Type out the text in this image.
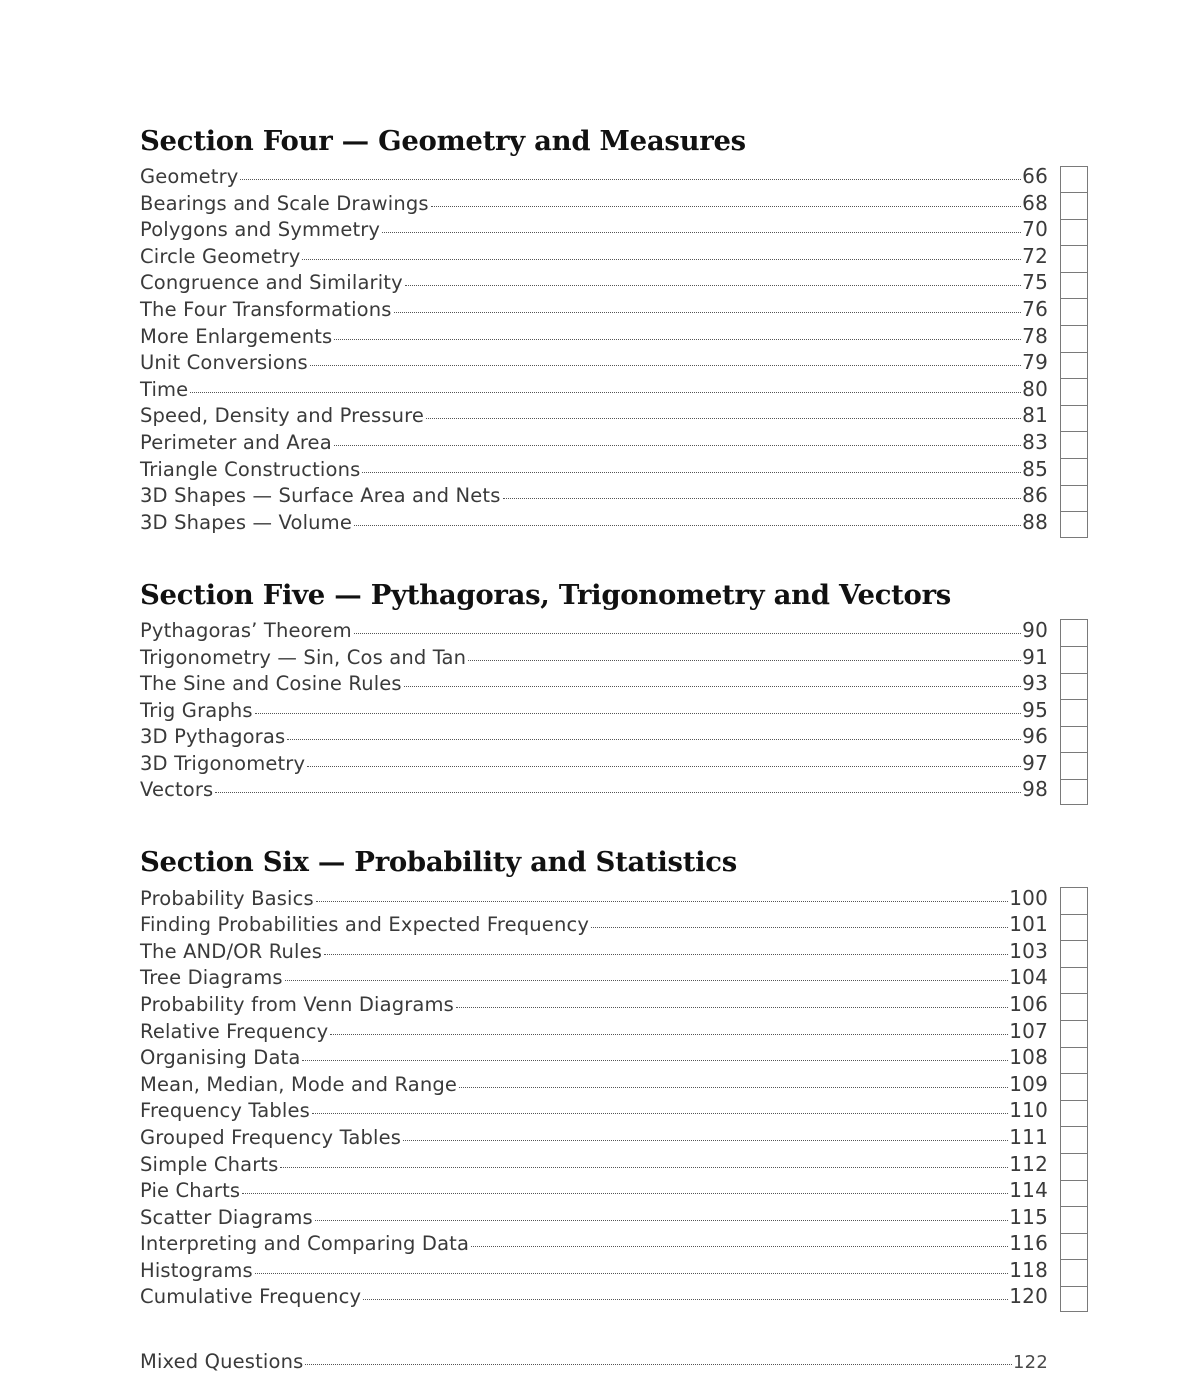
Section Four — Geometry and Measures
Geometry	66
Bearings and Scale Drawings	68
Polygons and Symmetry	70
Circle Geometry	72
Congruence and Similarity	75
The Four Transformations	76
More Enlargements	78
Unit Conversions	79
Time	80
Speed, Density and Pressure	81
Perimeter and Area	83
Triangle Constructions	85
3D Shapes — Surface Area and Nets	86
3D Shapes — Volume	88
Section Five — Pythagoras, Trigonometry and Vectors
Pythagoras’ Theorem	90
Trigonometry — Sin, Cos and Tan	91
The Sine and Cosine Rules	93
Trig Graphs	95
3D Pythagoras	96
3D Trigonometry	97
Vectors	98
Section Six — Probability and Statistics
Probability Basics	100
Finding Probabilities and Expected Frequency	101
The AND/OR Rules	103
Tree Diagrams	104
Probability from Venn Diagrams	106
Relative Frequency	107
Organising Data	108
Mean, Median, Mode and Range	109
Frequency Tables	110
Grouped Frequency Tables	111
Simple Charts	112
Pie Charts	114
Scatter Diagrams	115
Interpreting and Comparing Data	116
Histograms	118
Cumulative Frequency	120
Mixed Questions	122
